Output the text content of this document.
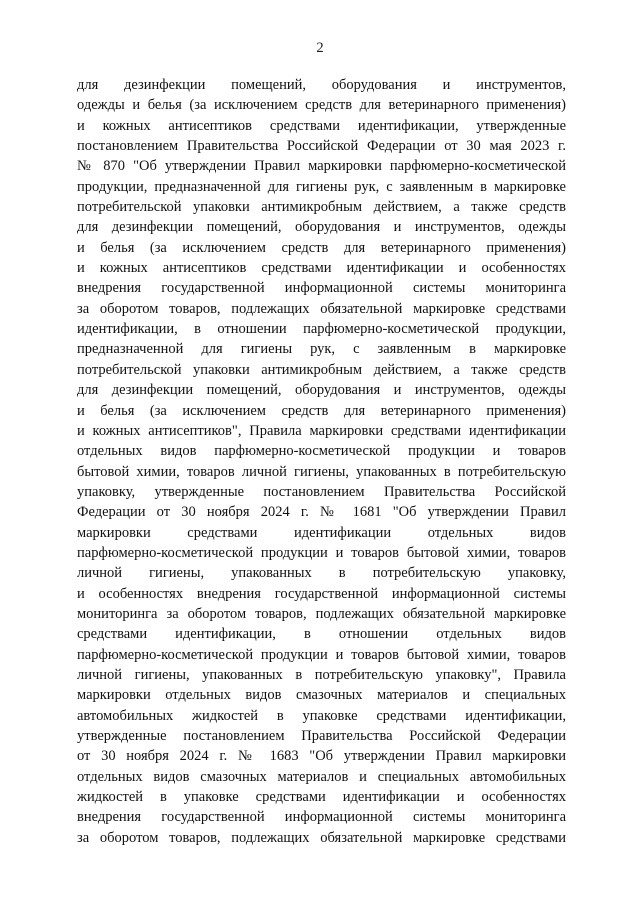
2
для дезинфекции помещений, оборудования и инструментов,
одежды и белья (за исключением средств для ветеринарного применения)
и кожных антисептиков средствами идентификации, утвержденные
постановлением Правительства Российской Федерации от 30 мая 2023 г.
№ 870 "Об утверждении Правил маркировки парфюмерно-косметической
продукции, предназначенной для гигиены рук, с заявленным в маркировке
потребительской упаковки антимикробным действием, а также средств
для дезинфекции помещений, оборудования и инструментов, одежды
и белья (за исключением средств для ветеринарного применения)
и кожных антисептиков средствами идентификации и особенностях
внедрения государственной информационной системы мониторинга
за оборотом товаров, подлежащих обязательной маркировке средствами
идентификации, в отношении парфюмерно-косметической продукции,
предназначенной для гигиены рук, с заявленным в маркировке
потребительской упаковки антимикробным действием, а также средств
для дезинфекции помещений, оборудования и инструментов, одежды
и белья (за исключением средств для ветеринарного применения)
и кожных антисептиков", Правила маркировки средствами идентификации
отдельных видов парфюмерно-косметической продукции и товаров
бытовой химии, товаров личной гигиены, упакованных в потребительскую
упаковку, утвержденные постановлением Правительства Российской
Федерации от 30 ноября 2024 г. № 1681 "Об утверждении Правил
маркировки средствами идентификации отдельных видов
парфюмерно-косметической продукции и товаров бытовой химии, товаров
личной гигиены, упакованных в потребительскую упаковку,
и особенностях внедрения государственной информационной системы
мониторинга за оборотом товаров, подлежащих обязательной маркировке
средствами идентификации, в отношении отдельных видов
парфюмерно-косметической продукции и товаров бытовой химии, товаров
личной гигиены, упакованных в потребительскую упаковку", Правила
маркировки отдельных видов смазочных материалов и специальных
автомобильных жидкостей в упаковке средствами идентификации,
утвержденные постановлением Правительства Российской Федерации
от 30 ноября 2024 г. № 1683 "Об утверждении Правил маркировки
отдельных видов смазочных материалов и специальных автомобильных
жидкостей в упаковке средствами идентификации и особенностях
внедрения государственной информационной системы мониторинга
за оборотом товаров, подлежащих обязательной маркировке средствами
